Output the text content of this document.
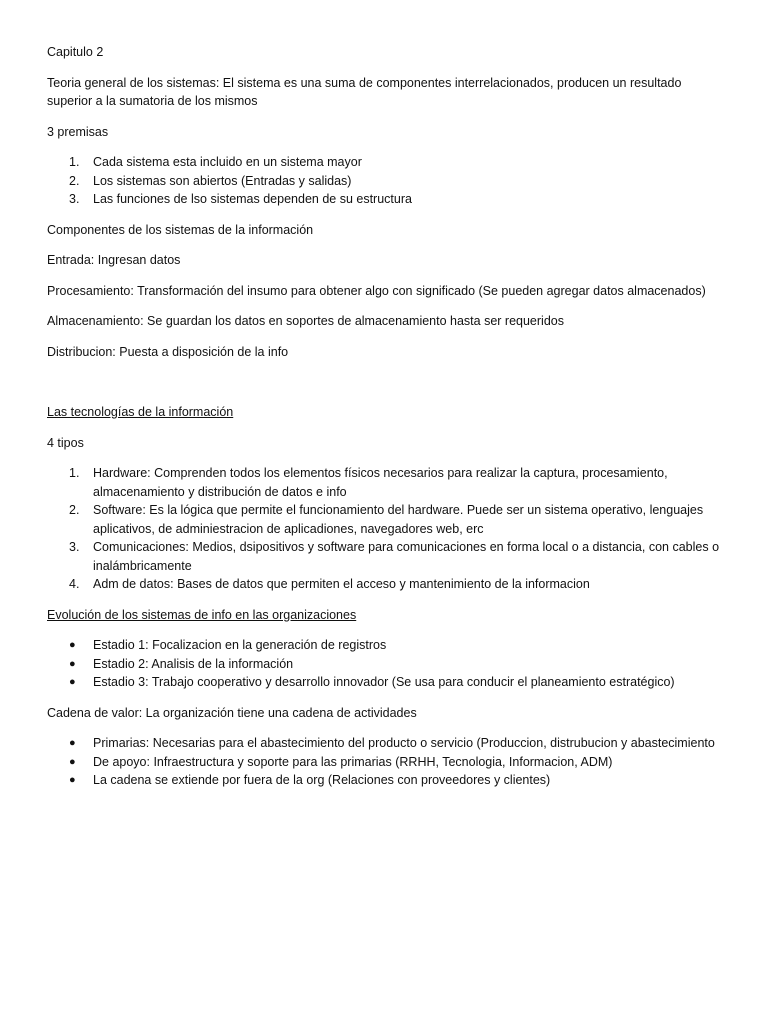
Capitulo 2

Teoria general de los sistemas: El sistema es una suma de componentes interrelacionados, producen un resultado superior a la sumatoria de los mismos

3 premisas

1. Cada sistema esta incluido en un sistema mayor
2. Los sistemas son abiertos (Entradas y salidas)
3. Las funciones de lso sistemas dependen de su estructura

Componentes de los sistemas de la información

Entrada: Ingresan datos

Procesamiento: Transformación del insumo para obtener algo con significado (Se pueden agregar datos almacenados)

Almacenamiento: Se guardan los datos en soportes de almacenamiento hasta ser requeridos

Distribucion: Puesta a disposición de la info

Las tecnologías de la información

4 tipos

1. Hardware: Comprenden todos los elementos físicos necesarios para realizar la captura, procesamiento, almacenamiento y distribución de datos e info
2. Software: Es la lógica que permite el funcionamiento del hardware. Puede ser un sistema operativo, lenguajes aplicativos, de adminiestracion de aplicadiones, navegadores web, erc
3. Comunicaciones: Medios, dsipositivos y software para comunicaciones en forma local o a distancia, con cables o inalámbricamente
4. Adm de datos: Bases de datos que permiten el acceso y mantenimiento de la informacion

Evolución de los sistemas de info en las organizaciones

● Estadio 1: Focalizacion en la generación de registros
● Estadio 2: Analisis de la información
● Estadio 3: Trabajo cooperativo y desarrollo innovador (Se usa para conducir el planeamiento estratégico)

Cadena de valor: La organización tiene una cadena de actividades

● Primarias: Necesarias para el abastecimiento del producto o servicio (Produccion, distrubucion y abastecimiento
● De apoyo: Infraestructura y soporte para las primarias (RRHH, Tecnologia, Informacion, ADM)
● La cadena se extiende por fuera de la org (Relaciones con proveedores y clientes)
